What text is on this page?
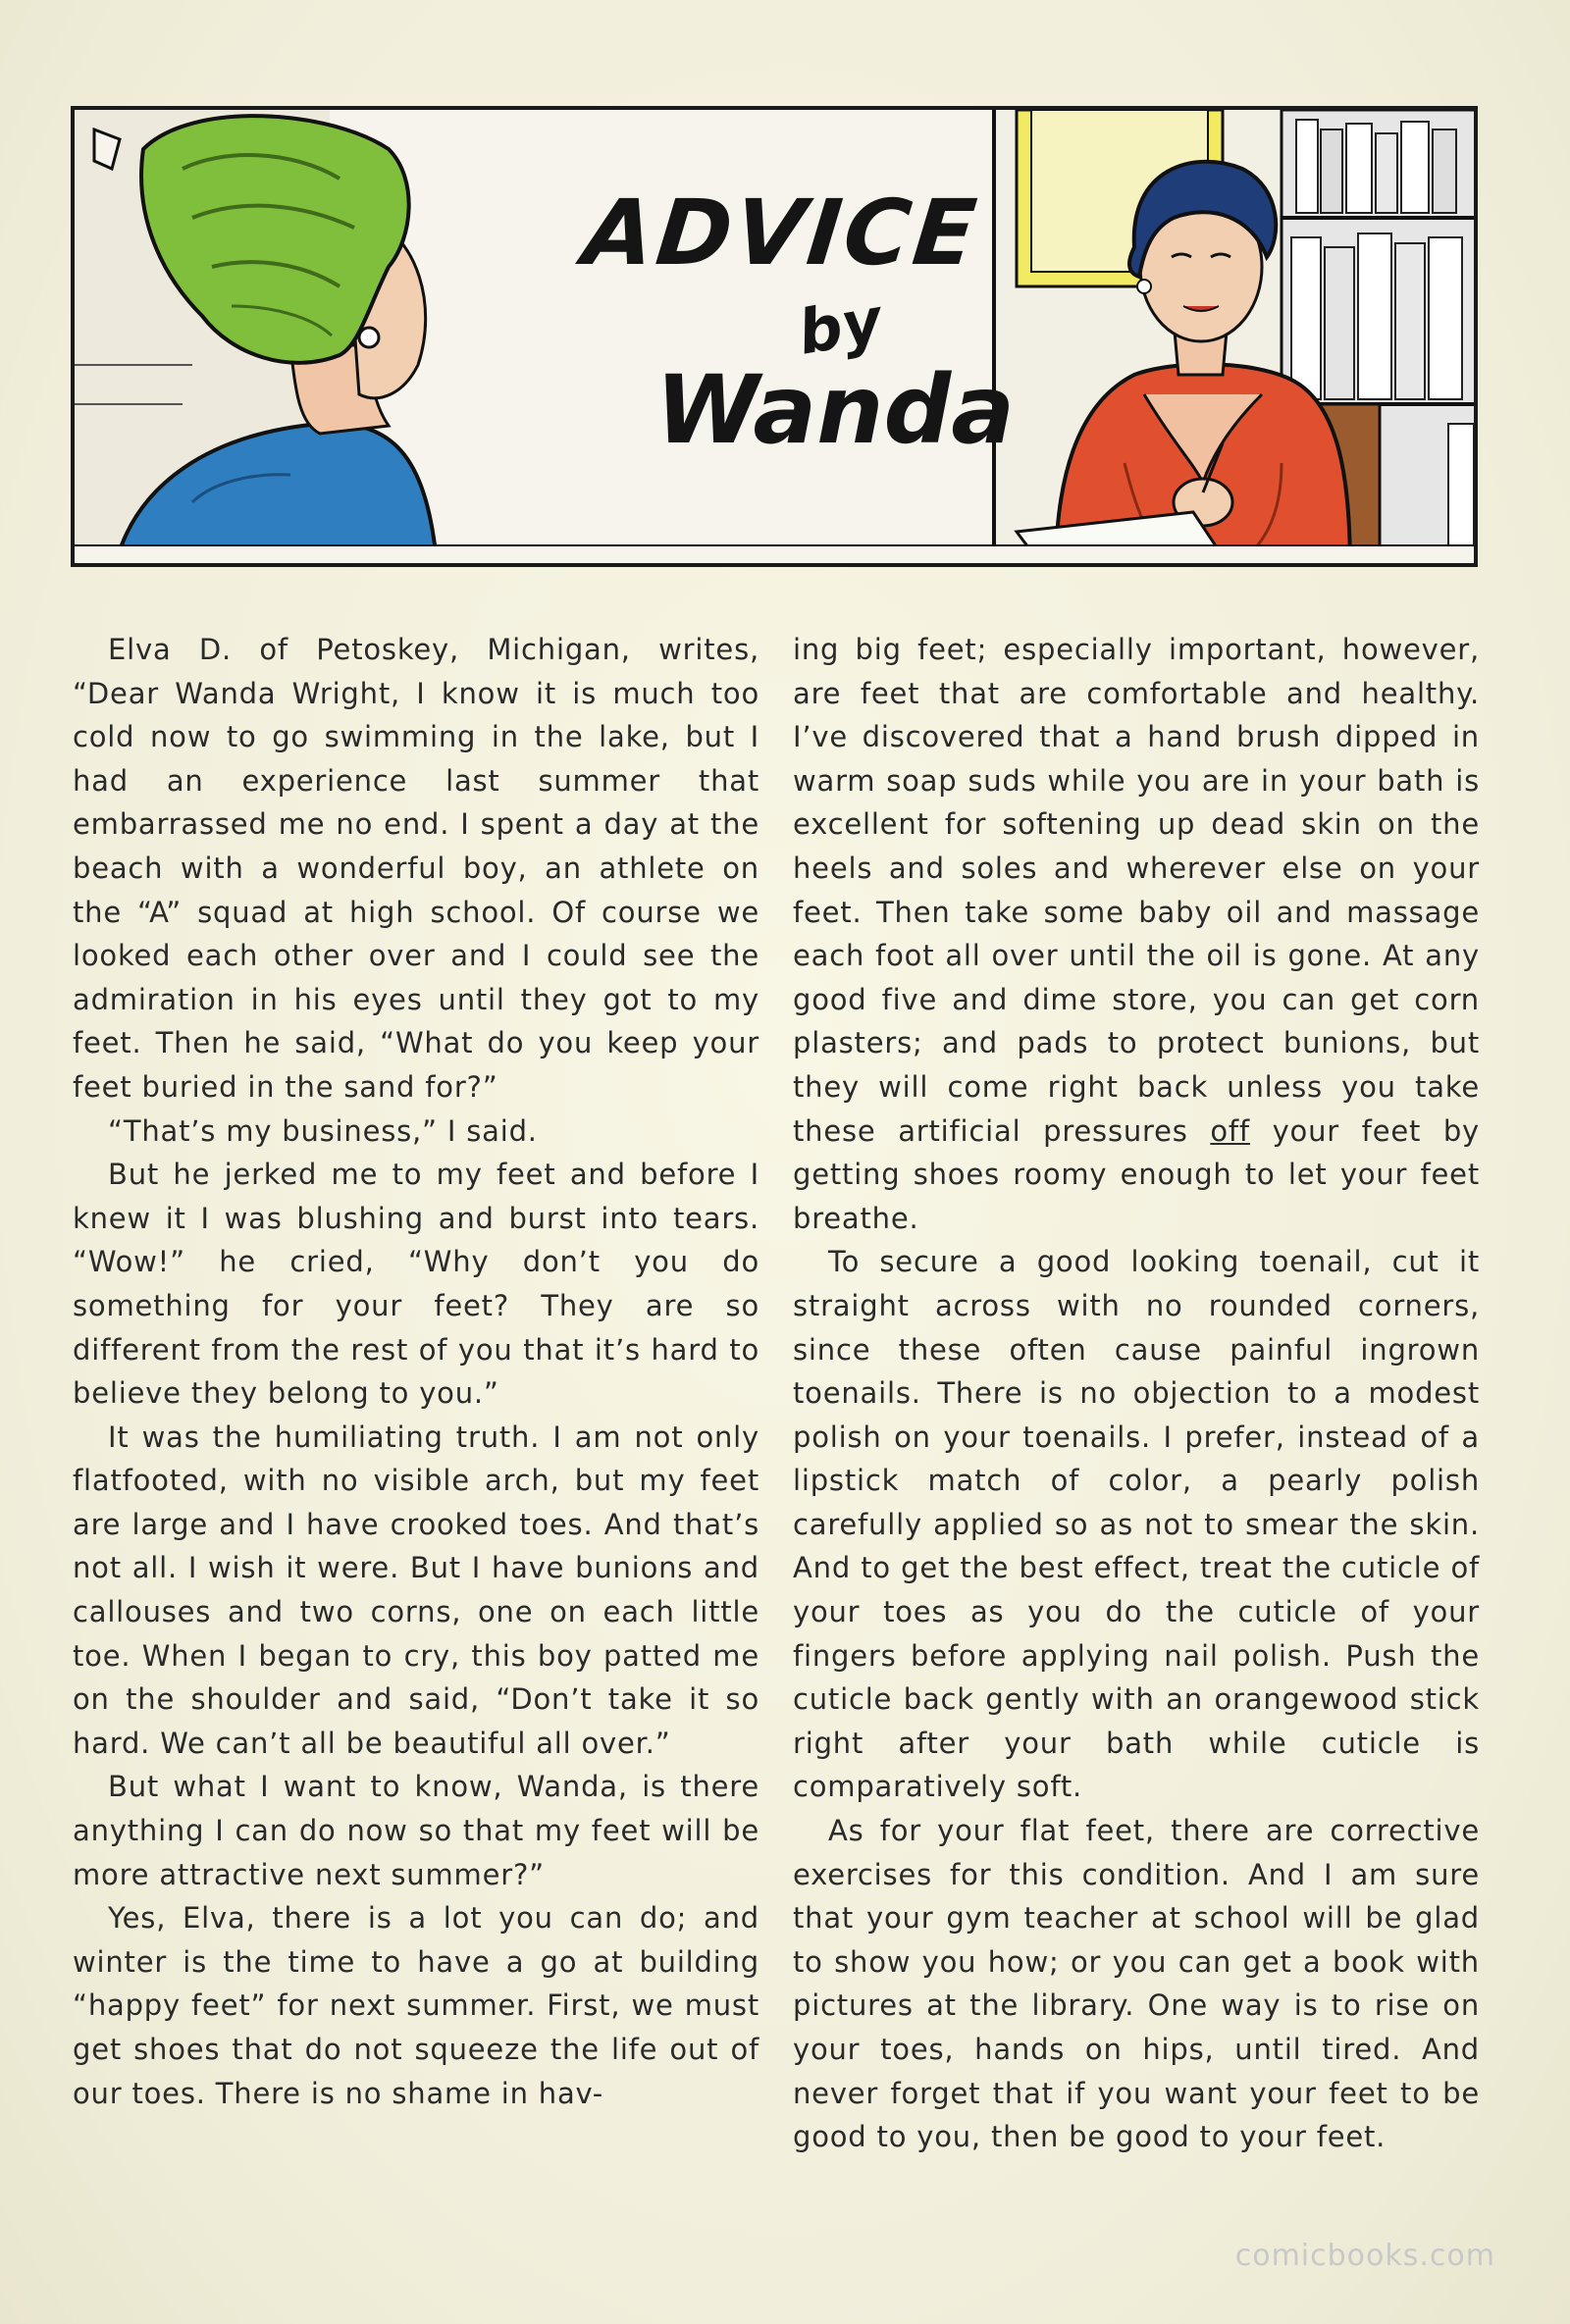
ADVICE
by
Wanda

Elva D. of Petoskey, Michigan, writes, “Dear Wanda Wright, I know it is much too cold now to go swimming in the lake, but I had an experience last summer that embarrassed me no end. I spent a day at the beach with a wonderful boy, an athlete on the “A” squad at high school. Of course we looked each other over and I could see the admiration in his eyes until they got to my feet. Then he said, “What do you keep your feet buried in the sand for?”

“That’s my business,” I said.

But he jerked me to my feet and before I knew it I was blushing and burst into tears. “Wow!” he cried, “Why don’t you do something for your feet? They are so different from the rest of you that it’s hard to believe they belong to you.”

It was the humiliating truth. I am not only flatfooted, with no visible arch, but my feet are large and I have crooked toes. And that’s not all. I wish it were. But I have bunions and callouses and two corns, one on each little toe. When I began to cry, this boy patted me on the shoulder and said, “Don’t take it so hard. We can’t all be beautiful all over.”

But what I want to know, Wanda, is there anything I can do now so that my feet will be more attractive next summer?”

Yes, Elva, there is a lot you can do; and winter is the time to have a go at building “happy feet” for next summer. First, we must get shoes that do not squeeze the life out of our toes. There is no shame in hav-

ing big feet; especially important, however, are feet that are comfortable and healthy. I’ve discovered that a hand brush dipped in warm soap suds while you are in your bath is excellent for softening up dead skin on the heels and soles and wherever else on your feet. Then take some baby oil and massage each foot all over until the oil is gone. At any good five and dime store, you can get corn plasters; and pads to protect bunions, but they will come right back unless you take these artificial pressures off your feet by getting shoes roomy enough to let your feet breathe.

To secure a good looking toenail, cut it straight across with no rounded corners, since these often cause painful ingrown toenails. There is no objection to a modest polish on your toenails. I prefer, instead of a lipstick match of color, a pearly polish carefully applied so as not to smear the skin. And to get the best effect, treat the cuticle of your toes as you do the cuticle of your fingers before applying nail polish. Push the cuticle back gently with an orangewood stick right after your bath while cuticle is comparatively soft.

As for your flat feet, there are corrective exercises for this condition. And I am sure that your gym teacher at school will be glad to show you how; or you can get a book with pictures at the library. One way is to rise on your toes, hands on hips, until tired. And never forget that if you want your feet to be good to you, then be good to your feet.

comicbooks.com
